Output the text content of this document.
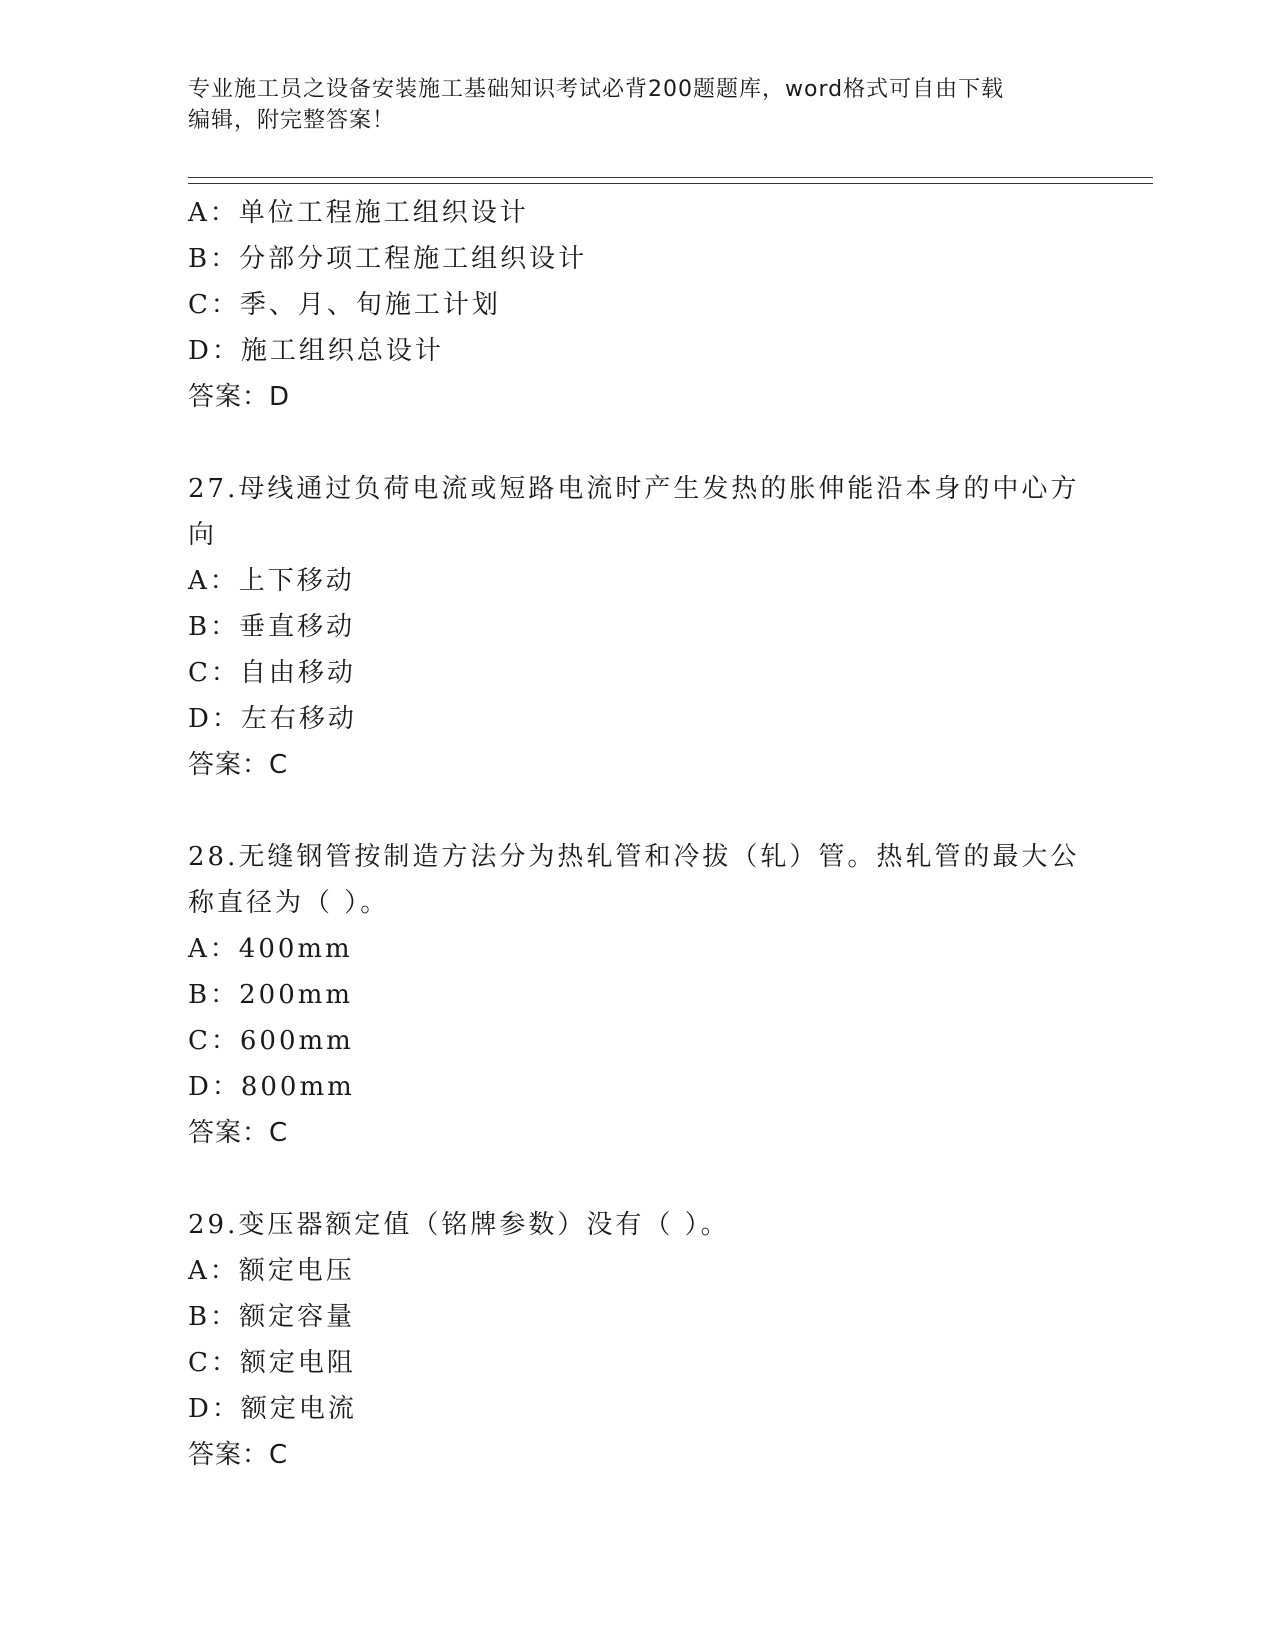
专业施工员之设备安装施工基础知识考试必背200题题库，word格式可自由下载
编辑，附完整答案！
A：单位工程施工组织设计
B：分部分项工程施工组织设计
C：季、月、旬施工计划
D：施工组织总设计
答案：D
27.母线通过负荷电流或短路电流时产生发热的胀伸能沿本身的中心方向
A：上下移动
B：垂直移动
C：自由移动
D：左右移动
答案：C
28.无缝钢管按制造方法分为热轧管和冷拔（轧）管。热轧管的最大公称直径为（ ）。
A：400mm
B：200mm
C：600mm
D：800mm
答案：C
29.变压器额定值（铭牌参数）没有（ ）。
A：额定电压
B：额定容量
C：额定电阻
D：额定电流
答案：C
